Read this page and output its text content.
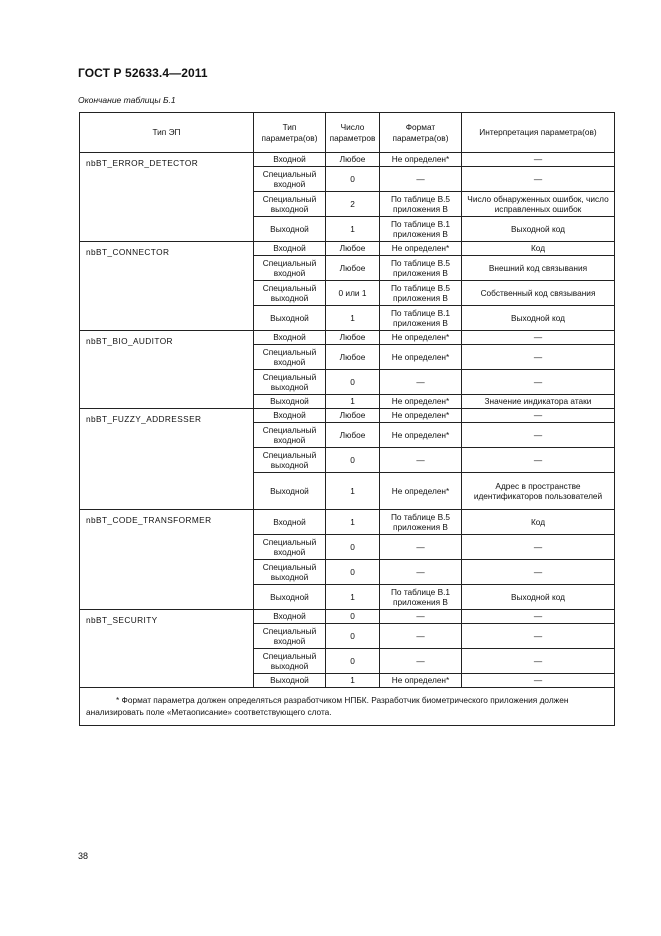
ГОСТ Р 52633.4—2011
Окончание таблицы Б.1
Тип ЭП	Тип параметра(ов)	Число параметров	Формат параметра(ов)	Интерпретация параметра(ов)
nbBT_ERROR_DETECTOR	Входной	Любое	Не определен*	—
	Специальный входной	0	—	—
	Специальный выходной	2	По таблице В.5 приложения В	Число обнаруженных ошибок, число исправленных ошибок
	Выходной	1	По таблице В.1 приложения В	Выходной код
nbBT_CONNECTOR	Входной	Любое	Не определен*	Код
	Специальный входной	Любое	По таблице В.5 приложения В	Внешний код связывания
	Специальный выходной	0 или 1	По таблице В.5 приложения В	Собственный код связывания
	Выходной	1	По таблице В.1 приложения В	Выходной код
nbBT_BIO_AUDITOR	Входной	Любое	Не определен*	—
	Специальный входной	Любое	Не определен*	—
	Специальный выходной	0	—	—
	Выходной	1	Не определен*	Значение индикатора атаки
nbBT_FUZZY_ADDRESSER	Входной	Любое	Не определен*	—
	Специальный входной	Любое	Не определен*	—
	Специальный выходной	0	—	—
	Выходной	1	Не определен*	Адрес в пространстве идентификаторов пользователей
nbBT_CODE_TRANSFORMER	Входной	1	По таблице В.5 приложения В	Код
	Специальный входной	0	—	—
	Специальный выходной	0	—	—
	Выходной	1	По таблице В.1 приложения В	Выходной код
nbBT_SECURITY	Входной	0	—	—
	Специальный входной	0	—	—
	Специальный выходной	0	—	—
	Выходной	1	Не определен*	—

* Формат параметра должен определяться разработчиком НПБК. Разработчик биометрического приложения должен анализировать поле «Метаописание» соответствующего слота.				
38
